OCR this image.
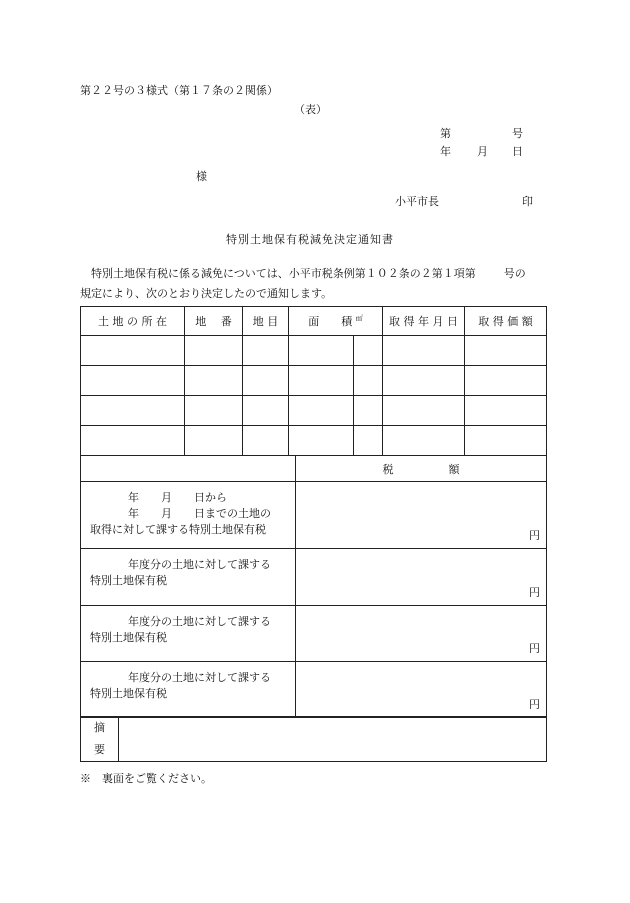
第２２号の３様式（第１７条の２関係）
（表）
第	号
年 月 日
様
小平市長	印
特別土地保有税減免決定通知書
特別土地保有税に係る減免については、小平市税条例第１０２条の２第１項第	号の
規定により、次のとおり決定したので通知します。
土 地 の 所 在	地　 番	地 目	面　　積 ㎡		取 得 年 月 日	取 得 価 額

	税　　　　　額

年　　月　　日から
年　　月　　日までの土地の
取得に対して課する特別土地保有税	円

年度分の土地に対して課する
特別土地保有税	円

年度分の土地に対して課する
特別土地保有税	円

年度分の土地に対して課する
特別土地保有税	円
摘
要

※　裏面をご覧ください。
